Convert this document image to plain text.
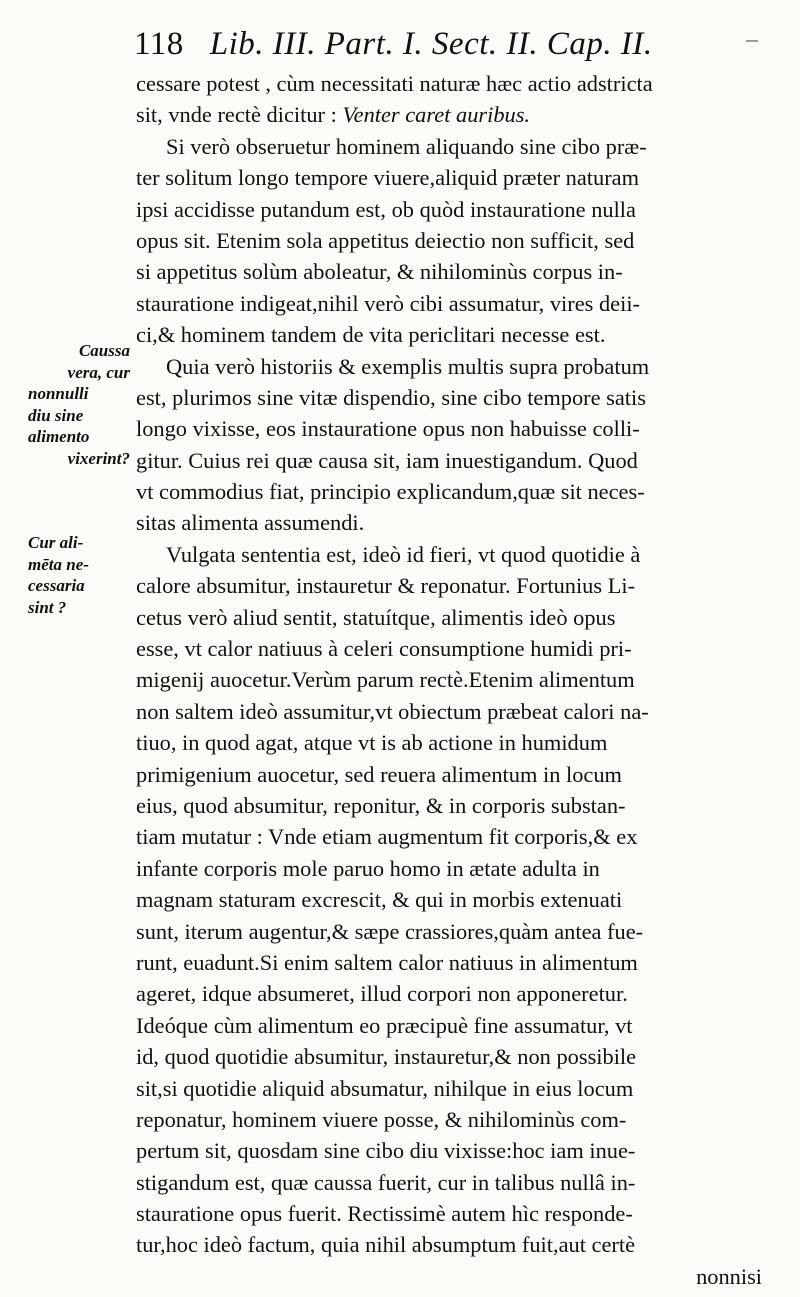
118 Lib. III. Part. I. Sect. II. Cap. II.
cessare potest , cùm necessitati naturæ hæc actio adstricta
sit, vnde rectè dicitur : Venter caret auribus.
Si verò obseruetur hominem aliquando sine cibo præ-
ter solitum longo tempore viuere,aliquid præter naturam
ipsi accidisse putandum est, ob quòd instauratione nulla
opus sit. Etenim sola appetitus deiectio non sufficit, sed
si appetitus solùm aboleatur, & nihilominùs corpus in-
stauratione indigeat,nihil verò cibi assumatur, vires deii-
ci,& hominem tandem de vita periclitari necesse est.
Quia verò historiis & exemplis multis supra probatum
est, plurimos sine vitæ dispendio, sine cibo tempore satis
longo vixisse, eos instauratione opus non habuisse colli-
gitur. Cuius rei quæ causa sit, iam inuestigandum. Quod
vt commodius fiat, principio explicandum,quæ sit neces-
sitas alimenta assumendi.
Vulgata sententia est, ideò id fieri, vt quod quotidie à
calore absumitur, instauretur & reponatur. Fortunius Li-
cetus verò aliud sentit, statuítque, alimentis ideò opus
esse, vt calor natiuus à celeri consumptione humidi pri-
migenij auocetur.Verùm parum rectè.Etenim alimentum
non saltem ideò assumitur,vt obiectum præbeat calori na-
tiuo, in quod agat, atque vt is ab actione in humidum
primigenium auocetur, sed reuera alimentum in locum
eius, quod absumitur, reponitur, & in corporis substan-
tiam mutatur : Vnde etiam augmentum fit corporis,& ex
infante corporis mole paruo homo in ætate adulta in
magnam staturam excrescit, & qui in morbis extenuati
sunt, iterum augentur,& sæpe crassiores,quàm antea fue-
runt, euadunt.Si enim saltem calor natiuus in alimentum
ageret, idque absumeret, illud corpori non apponeretur.
Ideóque cùm alimentum eo præcipuè fine assumatur, vt
id, quod quotidie absumitur, instauretur,& non possibile
sit,si quotidie aliquid absumatur, nihilque in eius locum
reponatur, hominem viuere posse, & nihilominùs com-
pertum sit, quosdam sine cibo diu vixisse:hoc iam inue-
stigandum est, quæ caussa fuerit, cur in talibus nullâ in-
stauratione opus fuerit. Rectissimè autem hìc responde-
tur,hoc ideò factum, quia nihil absumptum fuit,aut certè
nonnisi
Caussa
vera, cur
nonnulli
diu sine
alimento
vixerint?
Cur ali-
mēta ne-
cessaria
sint ?
